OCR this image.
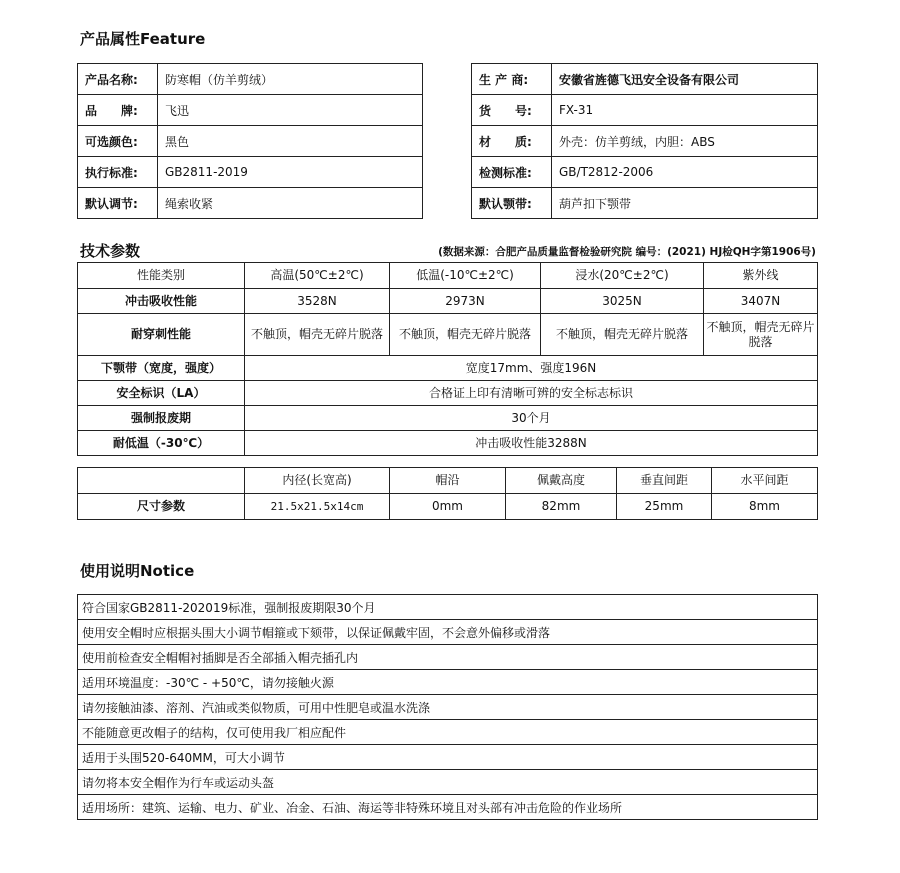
产品属性Feature
产品名称:	防寒帽（仿羊剪绒）
品　　牌:	飞迅
可选颜色:	黑色
执行标准:	GB2811-2019
默认调节:	绳索收紧
生 产 商:	安徽省旌德飞迅安全设备有限公司
货　　号:	FX-31
材　　质:	外壳：仿羊剪绒，内胆：ABS
检测标准:	GB/T2812-2006
默认颚带:	葫芦扣下颚带
技术参数	(数据来源：合肥产品质量监督检验研究院 编号：(2021) HJ检QH字第1906号)
性能类别	高温(50℃±2℃)	低温(-10℃±2℃)	浸水(20℃±2℃)	紫外线
冲击吸收性能	3528N	2973N	3025N	3407N
耐穿刺性能	不触顶，帽壳无碎片脱落	不触顶，帽壳无碎片脱落	不触顶，帽壳无碎片脱落	不触顶，帽壳无碎片脱落
下颚带（宽度，强度）	宽度17mm、强度196N			
安全标识（LA）	合格证上印有清晰可辨的安全标志标识			
强制报废期	30个月			
耐低温（-30℃）	冲击吸收性能3288N			
	内径(长宽高)	帽沿	佩戴高度	垂直间距	水平间距
尺寸参数	21.5x21.5x14cm	0mm	82mm	25mm	8mm
使用说明Notice
符合国家GB2811-202019标准，强制报废期限30个月
使用安全帽时应根据头围大小调节帽箍或下颏带，以保证佩戴牢固，不会意外偏移或滑落
使用前检查安全帽帽衬插脚是否全部插入帽壳插孔内
适用环境温度：-30℃ - +50℃，请勿接触火源
请勿接触油漆、溶剂、汽油或类似物质，可用中性肥皂或温水洗涤
不能随意更改帽子的结构，仅可使用我厂相应配件
适用于头围520-640MM，可大小调节
请勿将本安全帽作为行车或运动头盔
适用场所：建筑、运输、电力、矿业、冶金、石油、海运等非特殊环境且对头部有冲击危险的作业场所
